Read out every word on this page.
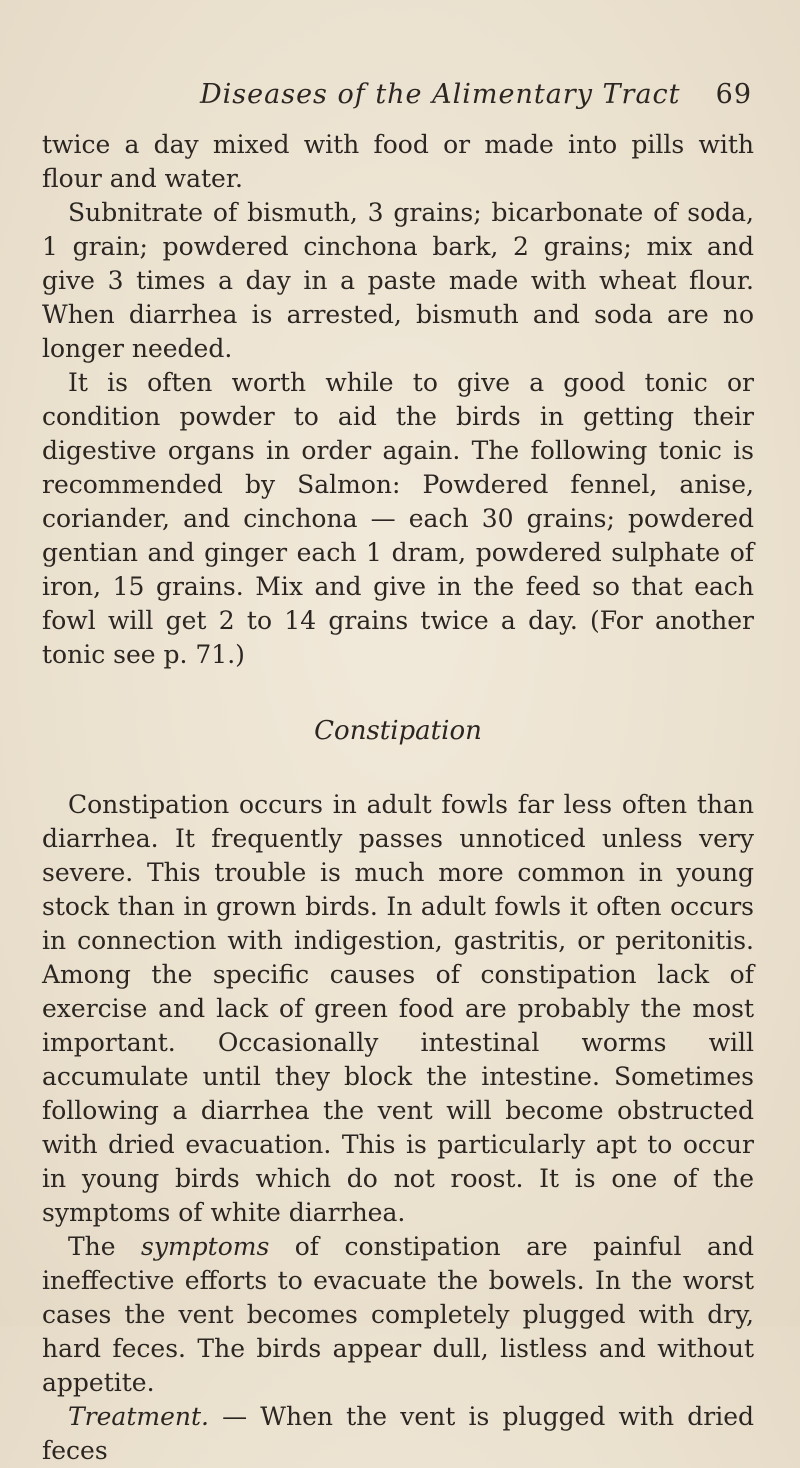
Diseases of the Alimentary Tract 69

twice a day mixed with food or made into pills with flour and water.

Subnitrate of bismuth, 3 grains; bicarbonate of soda, 1 grain; powdered cinchona bark, 2 grains; mix and give 3 times a day in a paste made with wheat flour. When diarrhea is arrested, bismuth and soda are no longer needed.

It is often worth while to give a good tonic or condition powder to aid the birds in getting their digestive organs in order again. The following tonic is recommended by Salmon: Powdered fennel, anise, coriander, and cinchona — each 30 grains; powdered gentian and ginger each 1 dram, powdered sulphate of iron, 15 grains. Mix and give in the feed so that each fowl will get 2 to 14 grains twice a day. (For another tonic see p. 71.)

Constipation

Constipation occurs in adult fowls far less often than diarrhea. It frequently passes unnoticed unless very severe. This trouble is much more common in young stock than in grown birds. In adult fowls it often occurs in connection with indigestion, gastritis, or peritonitis. Among the specific causes of constipation lack of exercise and lack of green food are probably the most important. Occasionally intestinal worms will accumulate until they block the intestine. Sometimes following a diarrhea the vent will become obstructed with dried evacuation. This is particularly apt to occur in young birds which do not roost. It is one of the symptoms of white diarrhea.

The symptoms of constipation are painful and ineffective efforts to evacuate the bowels. In the worst cases the vent becomes completely plugged with dry, hard feces. The birds appear dull, listless and without appetite.

Treatment. — When the vent is plugged with dried feces
